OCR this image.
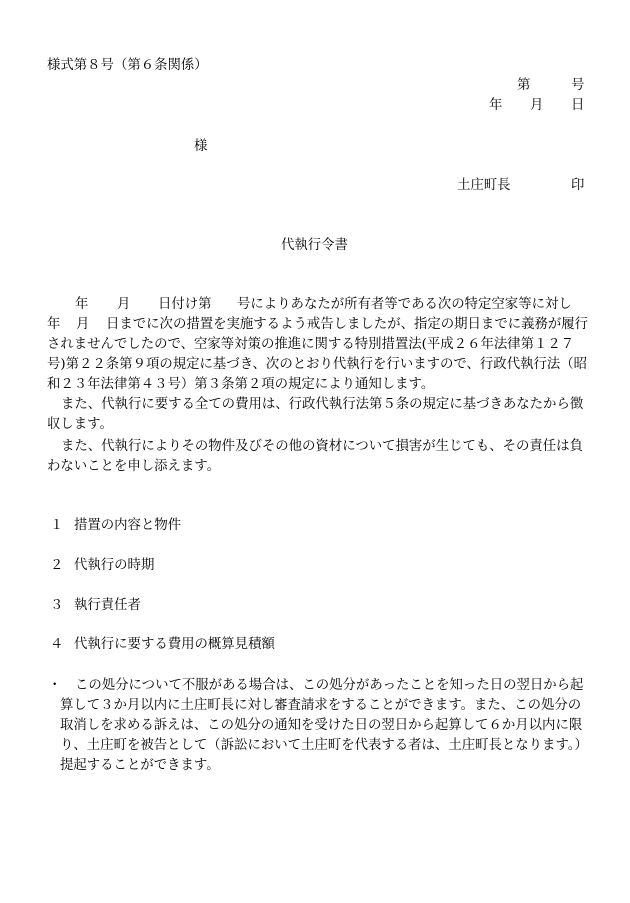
様式第８号（第６条関係）
第	号
年 月 日
様
土庄町長	印
代執行令書
年 月 日付け第 号によりあなたが所有者等である次の特定空家等に対し
年 月 日までに次の措置を実施するよう戒告しましたが、指定の期日までに義務が履行
されませんでしたので、空家等対策の推進に関する特別措置法(平成２６年法律第１２７
号)第２２条第９項の規定に基づき、次のとおり代執行を行いますので、行政代執行法（昭
和２３年法律第４３号）第３条第２項の規定により通知します。
また、代執行に要する全ての費用は、行政代執行法第５条の規定に基づきあなたから徴
収します。
また、代執行によりその物件及びその他の資材について損害が生じても、その責任は負
わないことを申し添えます。
１ 措置の内容と物件
２ 代執行の時期
３ 執行責任者
４ 代執行に要する費用の概算見積額
・ この処分について不服がある場合は、この処分があったことを知った日の翌日から起
算して３か月以内に土庄町長に対し審査請求をすることができます。また、この処分の
取消しを求める訴えは、この処分の通知を受けた日の翌日から起算して６か月以内に限
り、土庄町を被告として（訴訟において土庄町を代表する者は、土庄町長となります。）
提起することができます。
